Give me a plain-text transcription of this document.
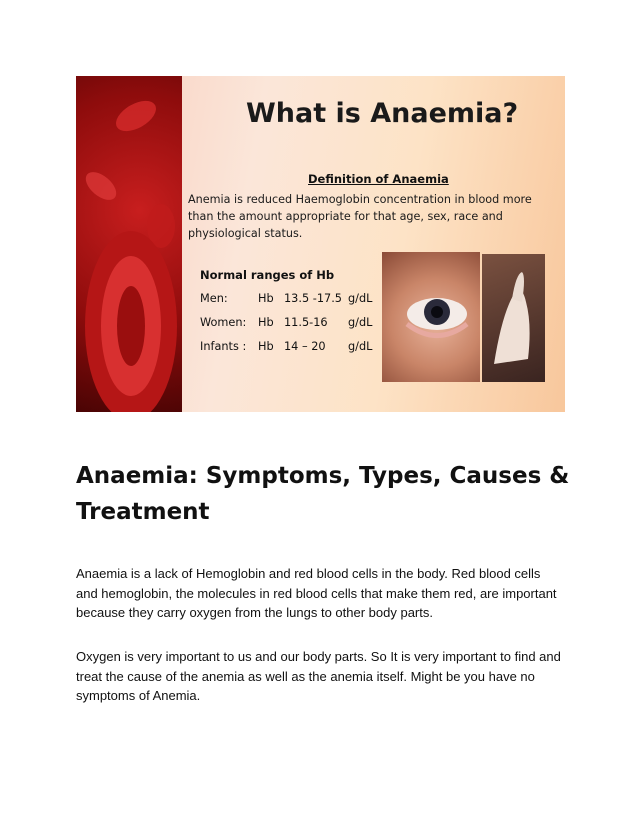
What is Anaemia?
Definition of Anaemia
Anemia is reduced Haemoglobin concentration in blood more than the amount appropriate for that age, sex, race and physiological status.
Normal ranges of Hb
Men:	Hb 13.5 -17.5 g/dL
Women: Hb 11.5-16 g/dL
Infants : Hb 14 – 20 g/dL
Anaemia: Symptoms, Types, Causes & Treatment

Anaemia is a lack of Hemoglobin and red blood cells in the body. Red blood cells and hemoglobin, the molecules in red blood cells that make them red, are important because they carry oxygen from the lungs to other body parts.

Oxygen is very important to us and our body parts. So It is very important to find and treat the cause of the anemia as well as the anemia itself. Might be you have no symptoms of Anemia.
